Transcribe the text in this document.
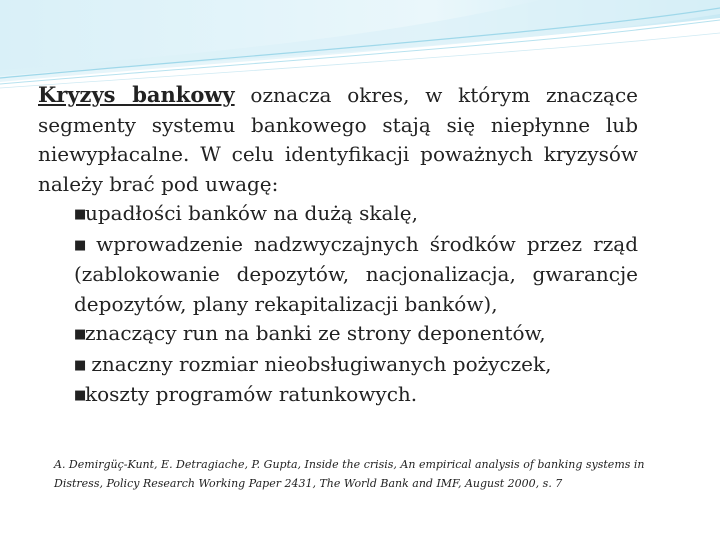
Kryzys bankowy oznacza okres, w którym znaczące segmenty systemu bankowego stają się niepłynne lub niewypłacalne. W celu identyfikacji poważnych kryzysów należy brać pod uwagę:

■upadłości banków na dużą skalę,
■ wprowadzenie nadzwyczajnych środków przez rząd (zablokowanie depozytów, nacjonalizacja, gwarancje depozytów, plany rekapitalizacji banków),
■znaczący run na banki ze strony deponentów,
■ znaczny rozmiar nieobsługiwanych pożyczek,
■koszty programów ratunkowych.
A. Demirgüç-Kunt, E. Detragiache, P. Gupta, Inside the crisis, An empirical analysis of banking systems in Distress, Policy Research Working Paper 2431, The World Bank and IMF, August 2000, s. 7
